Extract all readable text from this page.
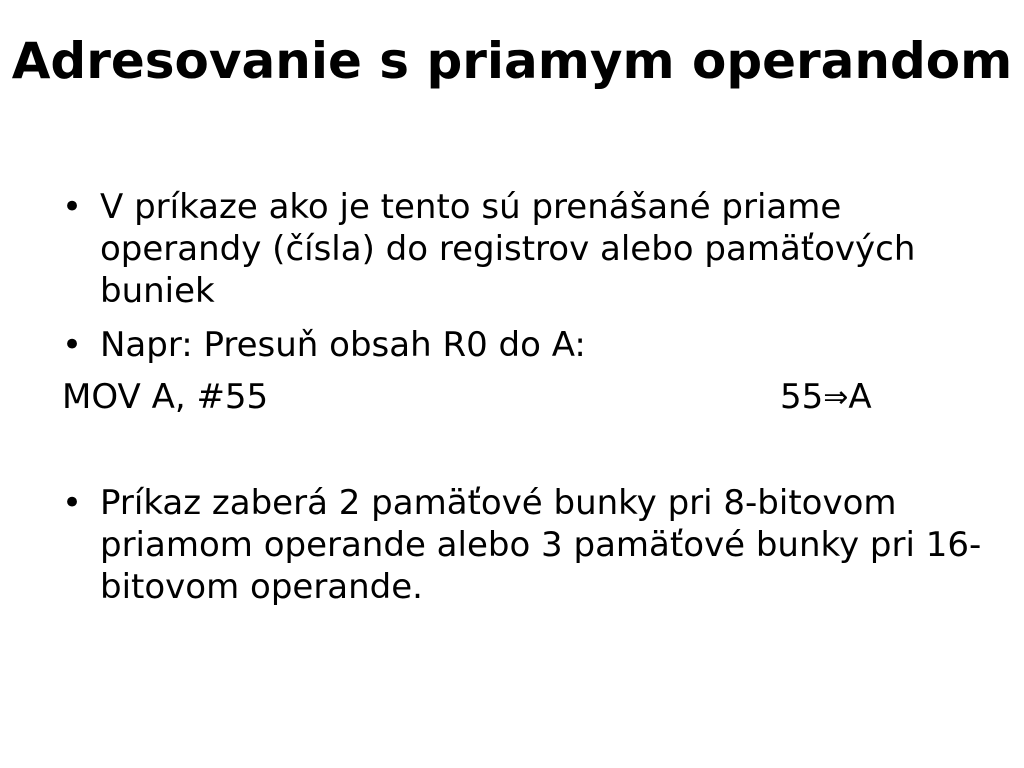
Adresovanie s priamym operandom
• V príkaze ako je tento sú prenášané priame operandy (čísla) do registrov alebo pamäťových buniek
• Napr: Presuň obsah R0 do A:
MOV A, #55	55⇒A
• Príkaz zaberá 2 pamäťové bunky pri 8-bitovom priamom operande alebo 3 pamäťové bunky pri 16-bitovom operande.
